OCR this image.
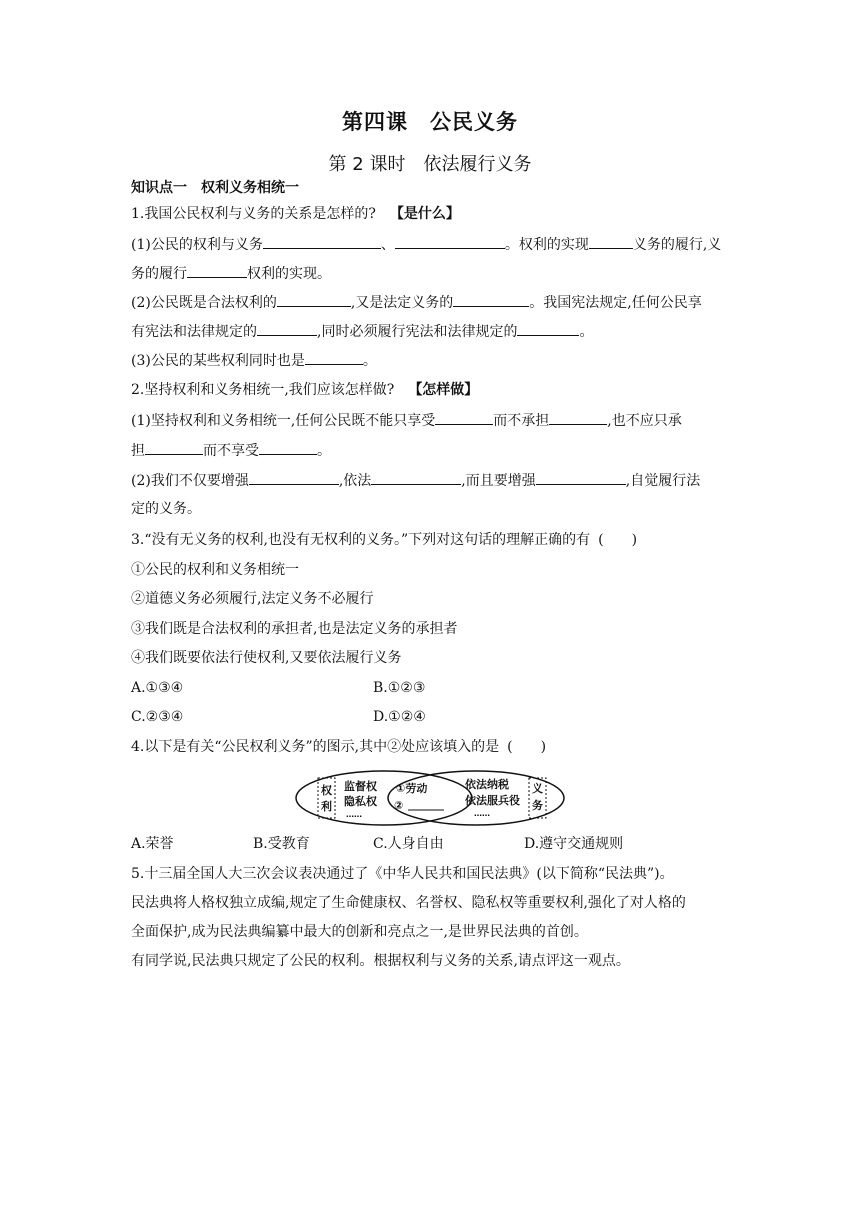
第四课　公民义务
第 2 课时　依法履行义务
知识点一　权利义务相统一
1.我国公民权利与义务的关系是怎样的? 【是什么】
(1)公民的权利与义务	、	。权利的实现	义务的履行,义
务的履行	权利的实现。
(2)公民既是合法权利的	,又是法定义务的	。我国宪法规定,任何公民享
有宪法和法律规定的	,同时必须履行宪法和法律规定的	。
(3)公民的某些权利同时也是	。
2.坚持权利和义务相统一,我们应该怎样做? 【怎样做】
(1)坚持权利和义务相统一,任何公民既不能只享受	而不承担	,也不应只承
担	而不享受	。
(2)我们不仅要增强	,依法	,而且要增强	,自觉履行法
定的义务。
3.“没有无义务的权利,也没有无权利的义务。”下列对这句话的理解正确的有 (　　)
①公民的权利和义务相统一
②道德义务必须履行,法定义务不必履行
③我们既是合法权利的承担者,也是法定义务的承担者
④我们既要依法行使权利,又要依法履行义务
A.①③④	B.①②③
C.②③④	D.①②④
4.以下是有关“公民权利义务”的图示,其中②处应该填入的是 (　　)
权
利
监督权
隐私权
……
①劳动
②
依法纳税
依法服兵役
……
义
务
A.荣誉	B.受教育	C.人身自由	D.遵守交通规则
5.十三届全国人大三次会议表决通过了《中华人民共和国民法典》(以下简称“民法典”)。
民法典将人格权独立成编,规定了生命健康权、名誉权、隐私权等重要权利,强化了对人格的
全面保护,成为民法典编纂中最大的创新和亮点之一,是世界民法典的首创。
有同学说,民法典只规定了公民的权利。根据权利与义务的关系,请点评这一观点。
